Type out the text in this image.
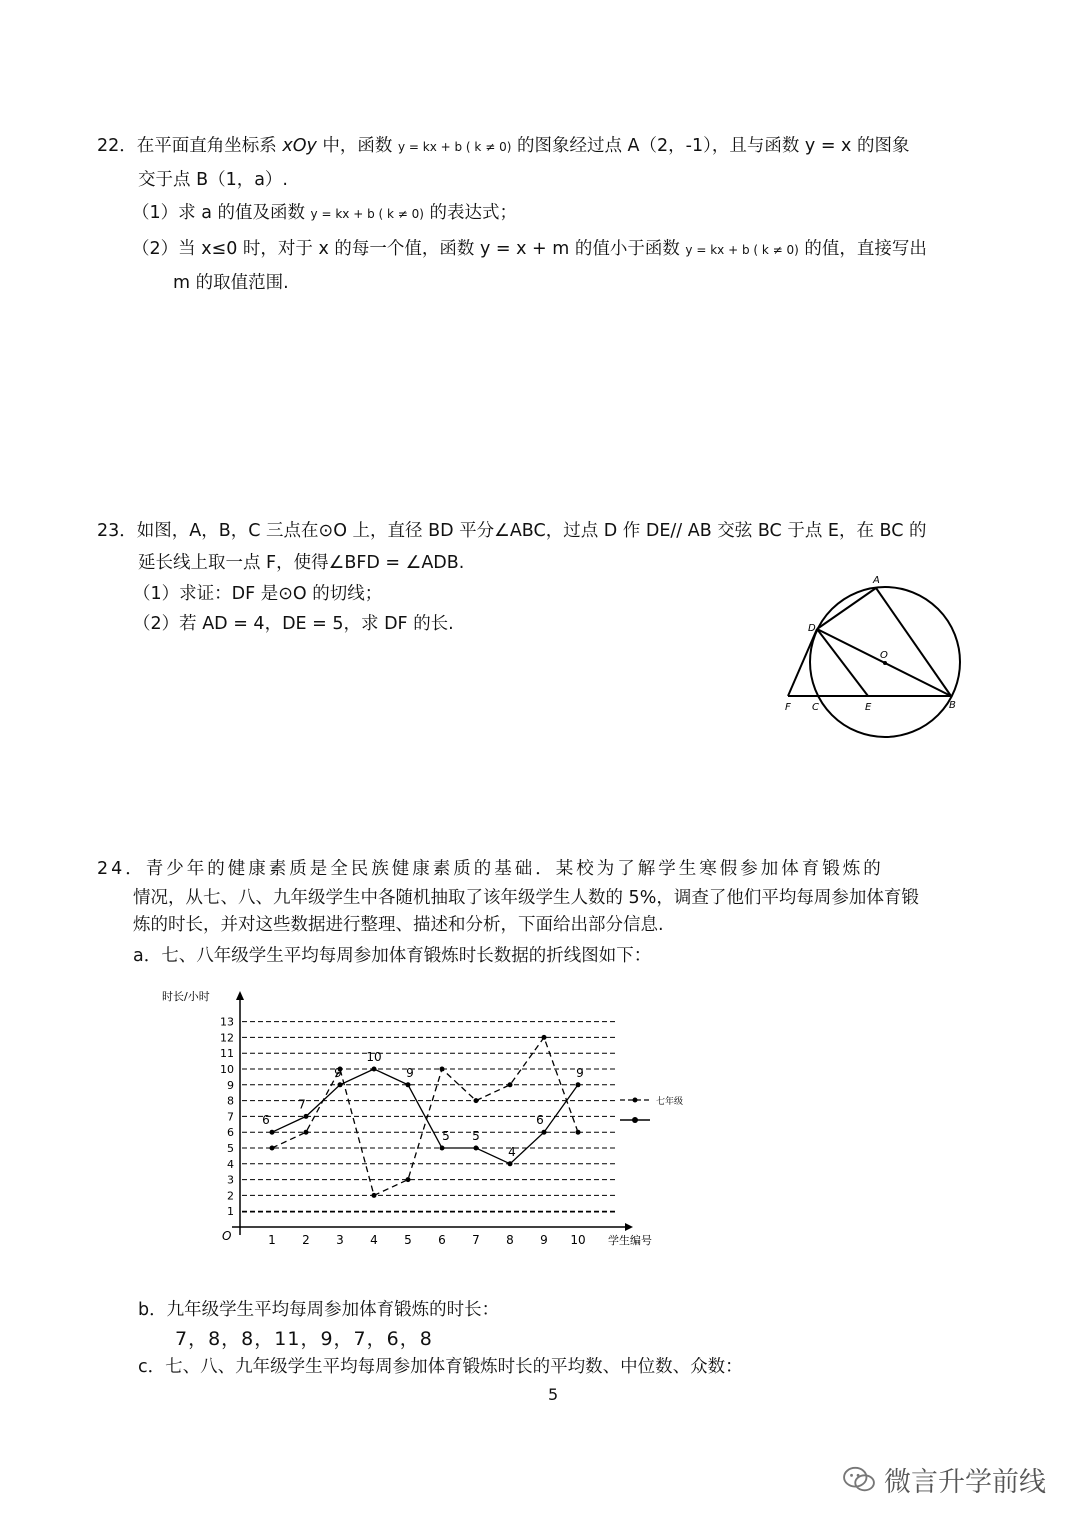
22．在平面直角坐标系 xOy 中，函数 y = kx + b ( k ≠ 0) 的图象经过点 A（2，-1），且与函数 y = x 的图象
交于点 B（1，a）.
（1）求 a 的值及函数 y = kx + b ( k ≠ 0) 的表达式；
（2）当 x≤0 时，对于 x 的每一个值，函数 y = x + m 的值小于函数 y = kx + b ( k ≠ 0) 的值，直接写出
m 的取值范围.
23．如图，A，B，C 三点在⊙O 上，直径 BD 平分∠ABC，过点 D 作 DE// AB 交弦 BC 于点 E，在 BC 的
延长线上取一点 F，使得∠BFD = ∠ADB.
（1）求证：DF 是⊙O 的切线；
（2）若 AD = 4，DE = 5，求 DF 的长.
A
D
O
F C	E	B
24．青少年的健康素质是全民族健康素质的基础．某校为了解学生寒假参加体育锻炼的
情况，从七、八、九年级学生中各随机抽取了该年级学生人数的 5%，调查了他们平均每周参加体育锻
炼的时长，并对这些数据进行整理、描述和分析，下面给出部分信息.
a．七、八年级学生平均每周参加体育锻炼时长数据的折线图如下：
时长/小时
学生编号
O
1
2
3
4
5
6
7
8
9
10
11
12
13
1 2 3 4 5 6 7 8 9 10
6
7
9
10
9
5 5
4
6
9
七年级
b．九年级学生平均每周参加体育锻炼的时长：
7，8，8，11，9，7，6，8
c．七、八、九年级学生平均每周参加体育锻炼时长的平均数、中位数、众数：
5
微言升学前线
